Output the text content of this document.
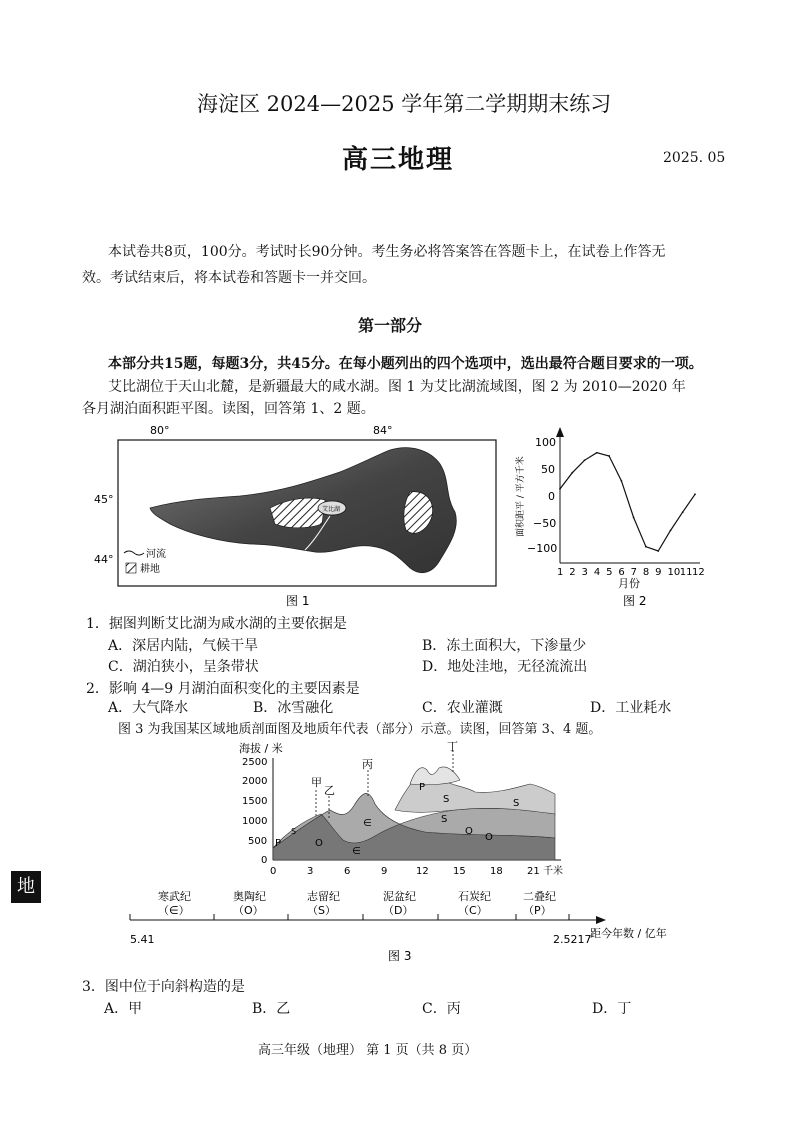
海淀区 2024—2025 学年第二学期期末练习
高三地理	2025. 05
本试卷共8页，100分。考试时长90分钟。考生务必将答案答在答题卡上，在试卷上作答无
效。考试结束后，将本试卷和答题卡一并交回。
第一部分
本部分共15题，每题3分，共45分。在每小题列出的四个选项中，选出最符合题目要求的一项。
艾比湖位于天山北麓，是新疆最大的咸水湖。图 1 为艾比湖流域图，图 2 为 2010—2020 年
各月湖泊面积距平图。读图，回答第 1、2 题。
80°	84°
45°
44°
艾比湖
河流
耕地
图 1
100
50
0
−50
−100
面积距平 / 平方千米
1 2 3 4 5 6 7 8 9 10 11 12
月份
图 2
1．据图判断艾比湖为咸水湖的主要依据是
A．深居内陆，气候干旱	B．冻土面积大，下渗量少
C．湖泊狭小，呈条带状	D．地处洼地，无径流流出
2．影响 4—9 月湖泊面积变化的主要因素是
A．大气降水	B．冰雪融化	C．农业灌溉	D．工业耗水
图 3 为我国某区域地质剖面图及地质年代表（部分）示意。读图，回答第 3、4 题。
海拔 / 米
2500
2000
1500
1000
500
0
甲
乙
丙
丁
P
S
O
∈
∈
P
S
S
O
O
S
0	3	6	9	12 15 18 21 千米
寒武纪
（∈）
奥陶纪
（O）
志留纪
（S）
泥盆纪
（D）
石炭纪
（C）
二叠纪
（P）
5.41	2.5217
距今年数 / 亿年
图 3
地
3．图中位于向斜构造的是
A．甲	B．乙	C．丙	D．丁
高三年级（地理） 第 1 页（共 8 页）
